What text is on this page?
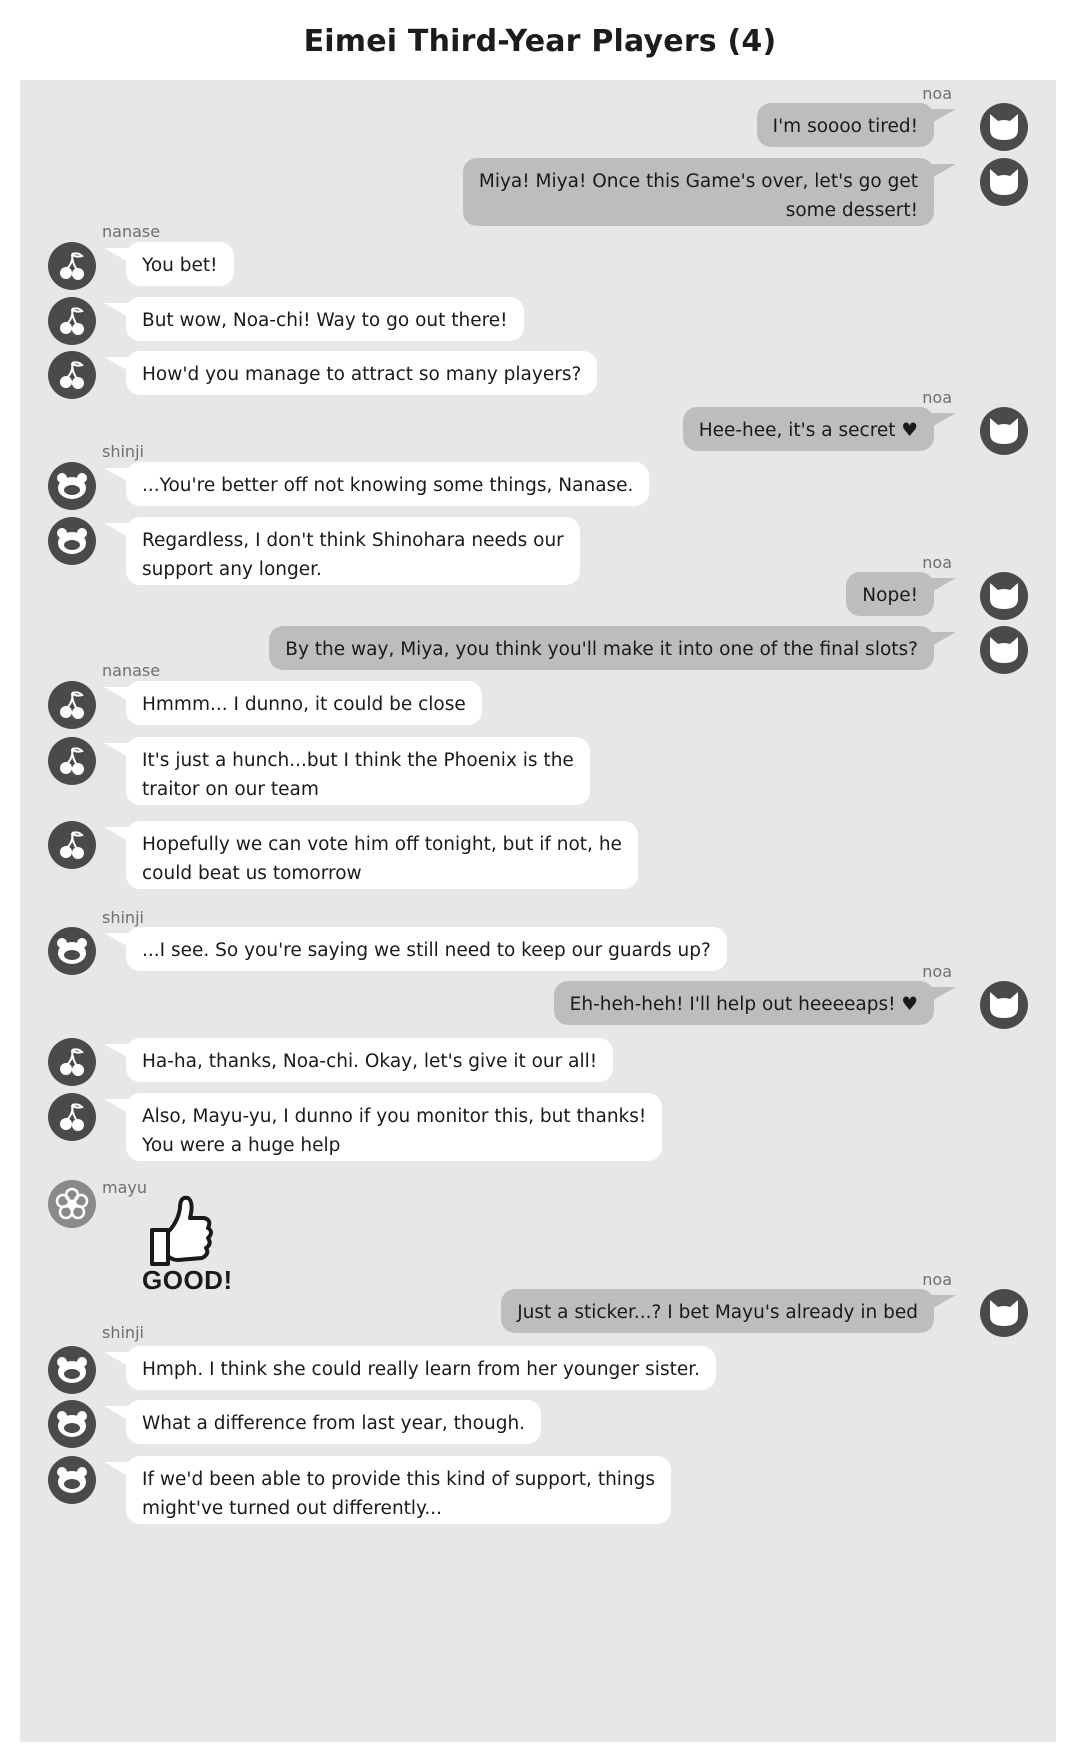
Eimei Third-Year Players (4)
noa
I'm soooo tired!
Miya! Miya! Once this Game's over, let's go get
some dessert!
nanase
You bet!
But wow, Noa-chi! Way to go out there!
How'd you manage to attract so many players?
noa
Hee-hee, it's a secret ♥
shinji
...You're better off not knowing some things, Nanase.
Regardless, I don't think Shinohara needs our
support any longer.	noa
Nope!
By the way, Miya, you think you'll make it into one of the final slots?
nanase
Hmmm... I dunno, it could be close
It's just a hunch...but I think the Phoenix is the
traitor on our team
Hopefully we can vote him off tonight, but if not, he
could beat us tomorrow
shinji
...I see. So you're saying we still need to keep our guards up?
noa
Eh-heh-heh! I'll help out heeeeaps! ♥
Ha-ha, thanks, Noa-chi. Okay, let's give it our all!
Also, Mayu-yu, I dunno if you monitor this, but thanks!
You were a huge help
mayu
GOOD!	noa
Just a sticker...? I bet Mayu's already in bed
shinji
Hmph. I think she could really learn from her younger sister.
What a difference from last year, though.
If we'd been able to provide this kind of support, things
might've turned out differently...
